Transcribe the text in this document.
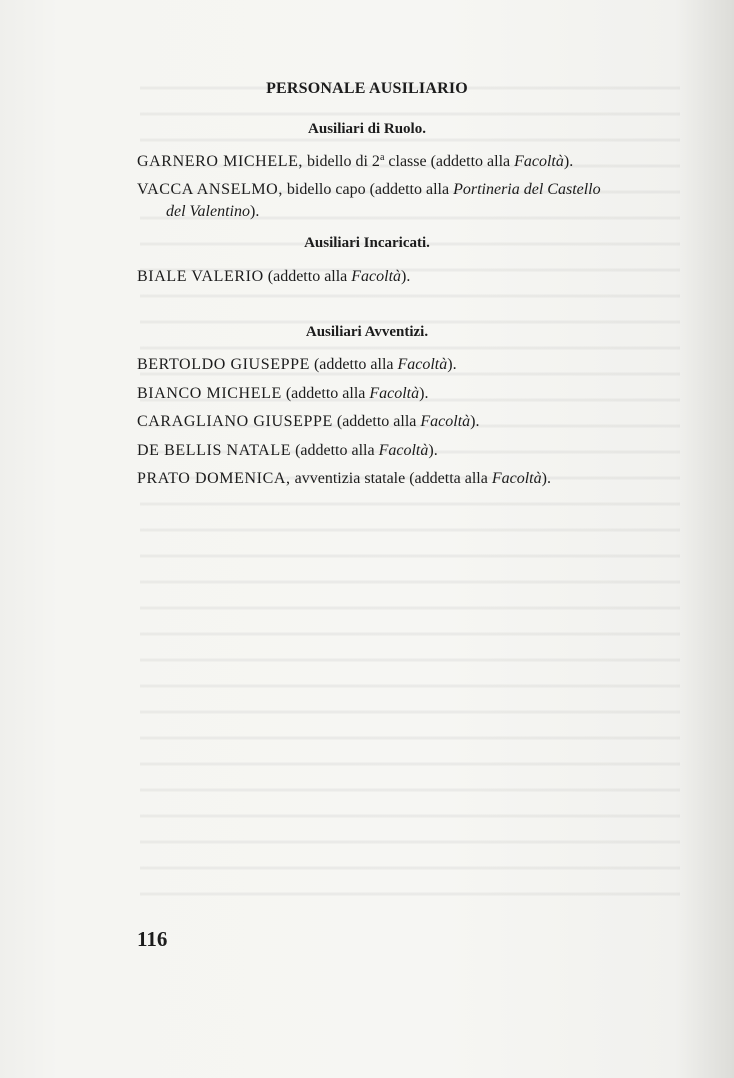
PERSONALE AUSILIARIO
Ausiliari di Ruolo.
GARNERO MICHELE, bidello di 2$^a$ classe (addetto alla Facoltà).
VACCA ANSELMO, bidello capo (addetto alla Portineria del Castello
del Valentino).
Ausiliari Incaricati.
BIALE VALERIO (addetto alla Facoltà).
Ausiliari Avventizi.
BERTOLDO GIUSEPPE (addetto alla Facoltà).
BIANCO MICHELE (addetto alla Facoltà).
CARAGLIANO GIUSEPPE (addetto alla Facoltà).
DE BELLIS NATALE (addetto alla Facoltà).
PRATO DOMENICA, avventizia statale (addetta alla Facoltà).
116
